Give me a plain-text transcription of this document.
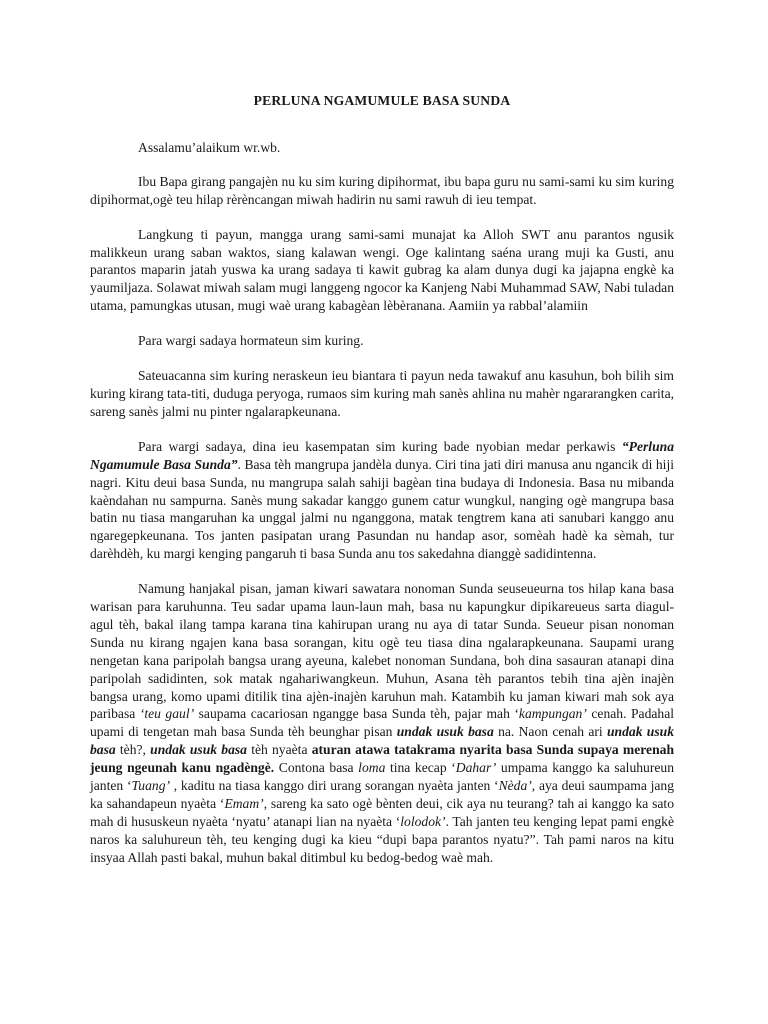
PERLUNA NGAMUMULE BASA SUNDA
Assalamu’alaikum wr.wb.

Ibu Bapa girang pangajèn nu ku sim kuring dipihormat, ibu bapa guru nu sami-sami ku sim kuring dipihormat,ogè teu hilap rèrèncangan miwah hadirin nu sami rawuh di ieu tempat.

Langkung ti payun, mangga urang sami-sami munajat ka Alloh SWT anu parantos ngusik malikkeun urang saban waktos, siang kalawan wengi. Oge kalintang saéna urang muji ka Gusti, anu parantos maparin jatah yuswa ka urang sadaya ti kawit gubrag ka alam dunya dugi ka jajapna engkè ka yaumiljaza. Solawat miwah salam mugi langgeng ngocor ka Kanjeng Nabi Muhammad SAW, Nabi tuladan utama, pamungkas utusan, mugi waè urang kabagèan lèbèranana. Aamiin ya rabbal’alamiin

Para wargi sadaya hormateun sim kuring.

Sateuacanna sim kuring neraskeun ieu biantara ti payun neda tawakuf anu kasuhun, boh bilih sim kuring kirang tata-titi, duduga peryoga, rumaos sim kuring mah sanès ahlina nu mahèr ngararangken carita, sareng sanès jalmi nu pinter ngalarapkeunana.

Para wargi sadaya, dina ieu kasempatan sim kuring bade nyobian medar perkawis “Perluna Ngamumule Basa Sunda”. Basa tèh mangrupa jandèla dunya. Ciri tina jati diri manusa anu ngancik di hiji nagri. Kitu deui basa Sunda, nu mangrupa salah sahiji bagèan tina budaya di Indonesia. Basa nu mibanda kaèndahan nu sampurna. Sanès mung sakadar kanggo gunem catur wungkul, nanging ogè mangrupa basa batin nu tiasa mangaruhan ka unggal jalmi nu nganggona, matak tengtrem kana ati sanubari kanggo anu ngaregepkeunana. Tos janten pasipatan urang Pasundan nu handap asor, somèah hadè ka sèmah, tur darèhdèh, ku margi kenging pangaruh ti basa Sunda anu tos sakedahna dianggè sadidintenna.

Namung hanjakal pisan, jaman kiwari sawatara nonoman Sunda seuseueurna tos hilap kana basa warisan para karuhunna. Teu sadar upama laun-laun mah, basa nu kapungkur dipikareueus sarta diagul-agul tèh, bakal ilang tampa karana tina kahirupan urang nu aya di tatar Sunda. Seueur pisan nonoman Sunda nu kirang ngajen kana basa sorangan, kitu ogè teu tiasa dina ngalarapkeunana. Saupami urang nengetan kana paripolah bangsa urang ayeuna, kalebet nonoman Sundana, boh dina sasauran atanapi dina paripolah sadidinten, sok matak ngahariwangkeun. Muhun, Asana tèh parantos tebih tina ajèn inajèn bangsa urang, komo upami ditilik tina ajèn-inajèn karuhun mah. Katambih ku jaman kiwari mah sok aya paribasa ‘teu gaul’ saupama cacariosan ngangge basa Sunda tèh, pajar mah ‘kampungan’ cenah. Padahal upami di tengetan mah basa Sunda tèh beunghar pisan undak usuk basa na. Naon cenah ari undak usuk basa tèh?, undak usuk basa tèh nyaèta aturan atawa tatakrama nyarita basa Sunda supaya merenah jeung ngeunah kanu ngadèngè. Contona basa loma tina kecap ‘Dahar’ umpama kanggo ka saluhureun janten ‘Tuang’ , kaditu na tiasa kanggo diri urang sorangan nyaèta janten ‘Nèda’, aya deui saumpama jang ka sahandapeun nyaèta ‘Emam’, sareng ka sato ogè bènten deui, cik aya nu teurang? tah ai kanggo ka sato mah di hususkeun nyaèta ‘nyatu’ atanapi lian na nyaèta ‘lolodok’. Tah janten teu kenging lepat pami engkè naros ka saluhureun tèh, teu kenging dugi ka kieu “dupi bapa parantos nyatu?”. Tah pami naros na kitu insyaa Allah pasti bakal, muhun bakal ditimbul ku bedog-bedog waè mah.
